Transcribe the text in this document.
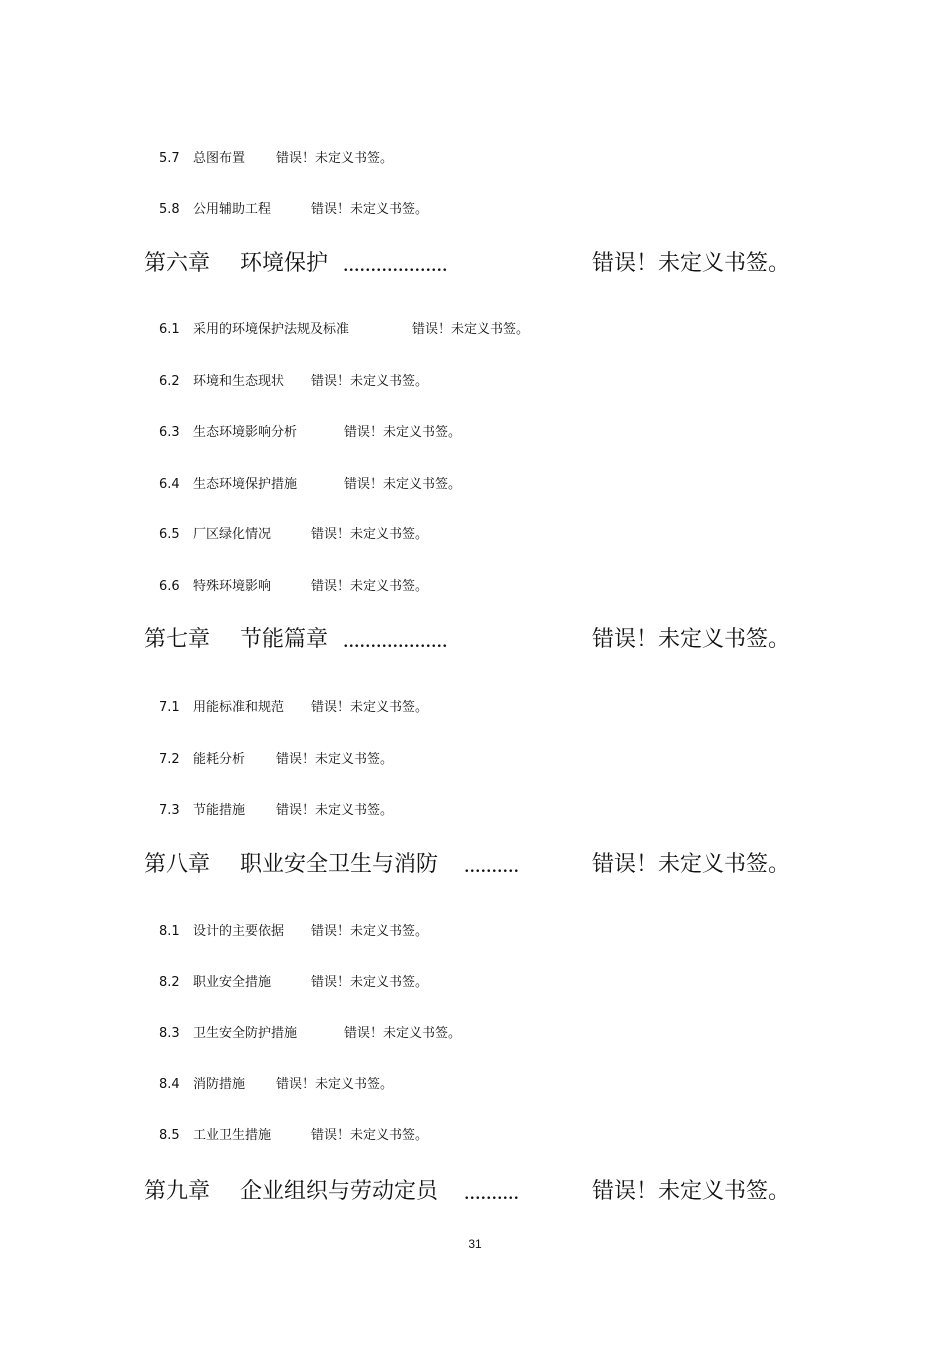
5.7 总图布置 错误！未定义书签。
5.8 公用辅助工程	错误！未定义书签。
第六章 环境保护 ...................	错误！未定义书签。
6.1 采用的环境保护法规及标准	错误！未定义书签。
6.2 环境和生态现状 错误！未定义书签。
6.3 生态环境影响分析	错误！未定义书签。
6.4 生态环境保护措施	错误！未定义书签。
6.5 厂区绿化情况	错误！未定义书签。
6.6 特殊环境影响	错误！未定义书签。
第七章 节能篇章 ...................	错误！未定义书签。
7.1 用能标准和规范 错误！未定义书签。
7.2 能耗分析 错误！未定义书签。
7.3 节能措施 错误！未定义书签。
第八章 职业安全卫生与消防 ..........	错误！未定义书签。
8.1 设计的主要依据 错误！未定义书签。
8.2 职业安全措施	错误！未定义书签。
8.3 卫生安全防护措施	错误！未定义书签。
8.4 消防措施 错误！未定义书签。
8.5 工业卫生措施	错误！未定义书签。
第九章 企业组织与劳动定员 ..........	错误！未定义书签。
31
